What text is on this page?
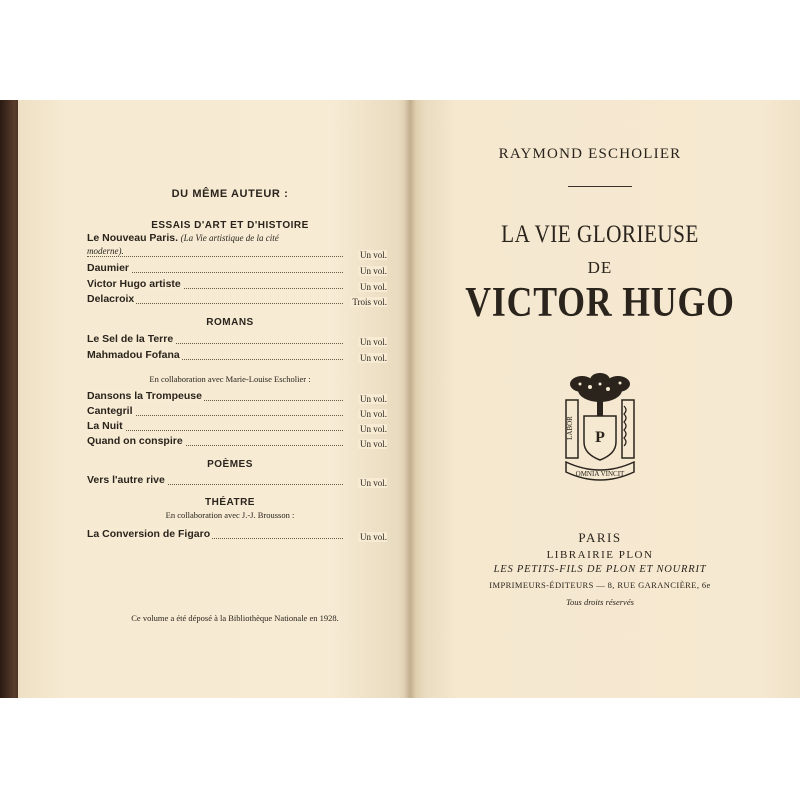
DU MÊME AUTEUR :
ESSAIS D'ART ET D'HISTOIRE
Le Nouveau Paris. (La Vie artistique de la cité
moderne).	Un vol.
Daumier	Un vol.
Victor Hugo artiste	Un vol.
Delacroix	Trois vol.
ROMANS
Le Sel de la Terre	Un vol.
Mahmadou Fofana	Un vol.
En collaboration avec Marie-Louise Escholier :
Dansons la Trompeuse	Un vol.
Cantegril	Un vol.
La Nuit	Un vol.
Quand on conspire	Un vol.
POÈMES
Vers l'autre rive	Un vol.
THÉATRE
En collaboration avec J.-J. Brousson :
La Conversion de Figaro	Un vol.
Ce volume a été déposé à la Bibliothèque Nationale en 1928.
RAYMOND ESCHOLIER
LA VIE GLORIEUSE
DE
VICTOR HUGO
LABOR P
OMNIA VINCIT
PARIS
LIBRAIRIE PLON
LES PETITS-FILS DE PLON ET NOURRIT
IMPRIMEURS-ÉDITEURS — 8, RUE GARANCIÈRE, 6e
Tous droits réservés
